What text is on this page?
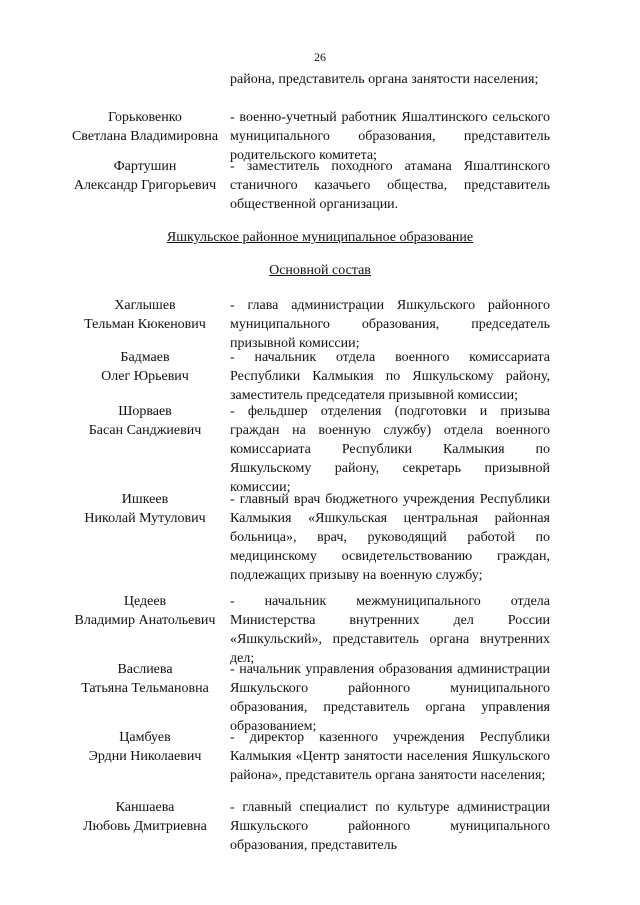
26
района, представитель органа занятости населения;
Горьковенко
Светлана Владимировна
- военно-учетный работник Яшалтинского сельского муниципального образования, представитель родительского комитета;
Фартушин
Александр Григорьевич
- заместитель походного атамана Яшалтинского станичного казачьего общества, представитель общественной организации.
Яшкульское районное муниципальное образование
Основной состав
Хаглышев
Тельман Кюкенович
- глава администрации Яшкульского районного муниципального образования, председатель призывной комиссии;
Бадмаев
Олег Юрьевич
- начальник отдела военного комиссариата Республики Калмыкия по Яшкульскому району, заместитель председателя призывной комиссии;
Шорваев
Басан Санджиевич
- фельдшер отделения (подготовки и призыва граждан на военную службу) отдела военного комиссариата Республики Калмыкия по Яшкульскому району, секретарь призывной комиссии;
Ишкеев
Николай Мутулович
- главный врач бюджетного учреждения Республики Калмыкия «Яшкульская центральная районная больница», врач, руководящий работой по медицинскому освидетельствованию граждан, подлежащих призыву на военную службу;
Цедеев
Владимир Анатольевич
- начальник межмуниципального отдела Министерства внутренних дел России «Яшкульский», представитель органа внутренних дел;
Васлиева
Татьяна Тельмановна
- начальник управления образования администрации Яшкульского районного муниципального образования, представитель органа управления образованием;
Цамбуев
Эрдни Николаевич
- директор казенного учреждения Республики Калмыкия «Центр занятости населения Яшкульского района», представитель органа занятости населения;
Каншаева
Любовь Дмитриевна
- главный специалист по культуре администрации Яшкульского районного муниципального образования, представитель
